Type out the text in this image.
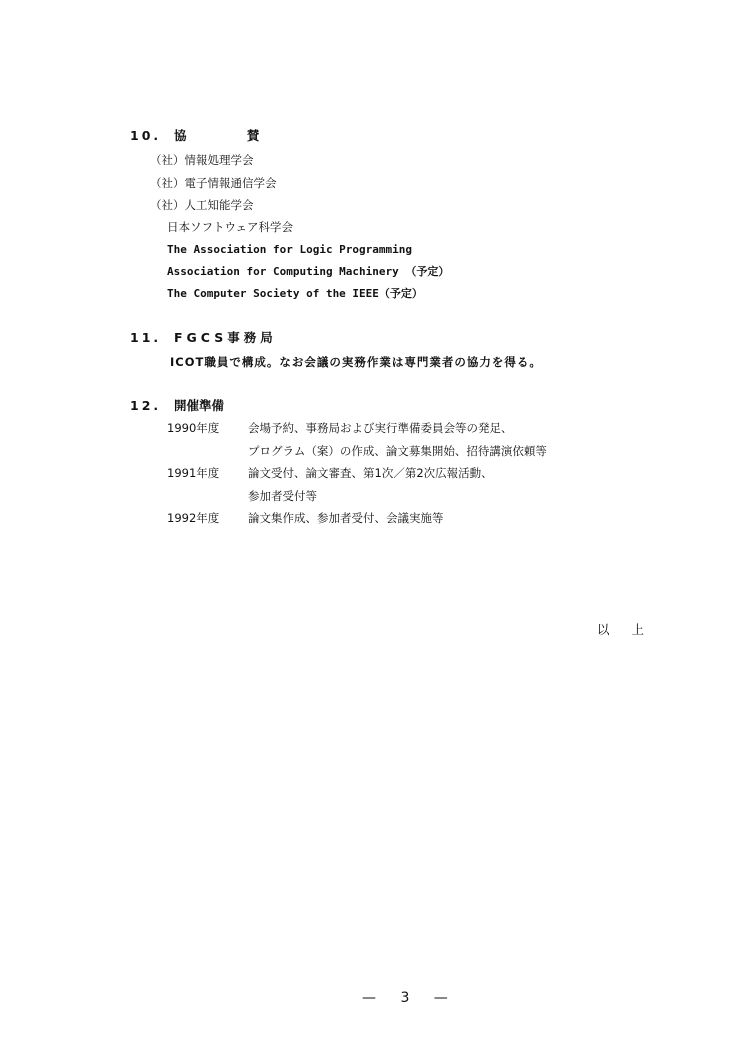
10. 協 賛
（社）情報処理学会
（社）電子情報通信学会
（社）人工知能学会
日本ソフトウェア科学会
The Association for Logic Programming
Association for Computing Machinery （予定）
The Computer Society of the IEEE（予定）
11. FGCS事務局
ICOT職員で構成。なお会議の実務作業は専門業者の協力を得る。
12. 開催準備
1990年度 会場予約、事務局および実行準備委員会等の発足、
プログラム（案）の作成、論文募集開始、招待講演依頼等
1991年度 論文受付、論文審査、第1次／第2次広報活動、
参加者受付等
1992年度 論文集作成、参加者受付、会議実施等
以上
— 3 —
